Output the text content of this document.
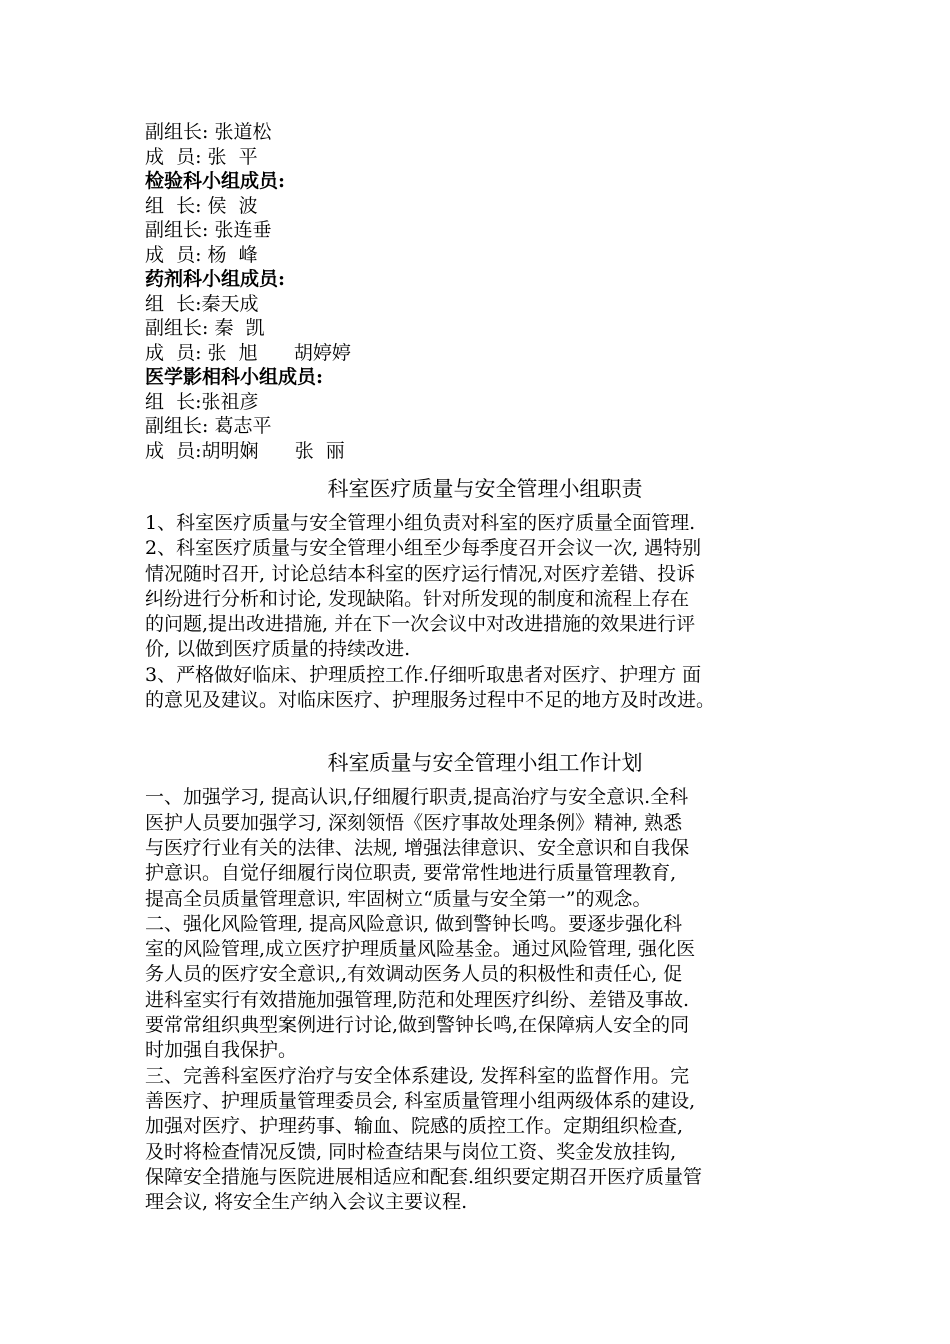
副组长: 张道松
成  员: 张  平
检验科小组成员:
组  长: 侯  波
副组长: 张连垂
成  员: 杨  峰
药剂科小组成员:
组  长:秦天成
副组长: 秦  凯
成  员: 张  旭      胡婷婷
医学影相科小组成员:
组  长:张祖彦
副组长: 葛志平
成  员:胡明娴      张  丽
科室医疗质量与安全管理小组职责
1、科室医疗质量与安全管理小组负责对科室的医疗质量全面管理.
2、科室医疗质量与安全管理小组至少每季度召开会议一次, 遇特别
情况随时召开, 讨论总结本科室的医疗运行情况,对医疗差错、投诉
纠纷进行分析和讨论, 发现缺陷。针对所发现的制度和流程上存在
的问题,提出改进措施, 并在下一次会议中对改进措施的效果进行评
价, 以做到医疗质量的持续改进.
3、严格做好临床、护理质控工作.仔细听取患者对医疗、护理方 面
的意见及建议。对临床医疗、护理服务过程中不足的地方及时改进。
科室质量与安全管理小组工作计划
一、加强学习, 提高认识,仔细履行职责,提高治疗与安全意识.全科
医护人员要加强学习, 深刻领悟《医疗事故处理条例》精神, 熟悉
与医疗行业有关的法律、法规, 增强法律意识、安全意识和自我保
护意识。自觉仔细履行岗位职责, 要常常性地进行质量管理教育,
提高全员质量管理意识, 牢固树立“质量与安全第一”的观念。
二、强化风险管理, 提高风险意识, 做到警钟长鸣。要逐步强化科
室的风险管理,成立医疗护理质量风险基金。通过风险管理, 强化医
务人员的医疗安全意识,,有效调动医务人员的积极性和责任心, 促
进科室实行有效措施加强管理,防范和处理医疗纠纷、差错及事故.
要常常组织典型案例进行讨论,做到警钟长鸣,在保障病人安全的同
时加强自我保护。
三、完善科室医疗治疗与安全体系建设, 发挥科室的监督作用。完
善医疗、护理质量管理委员会, 科室质量管理小组两级体系的建设,
加强对医疗、护理药事、输血、院感的质控工作。定期组织检查,
及时将检查情况反馈, 同时检查结果与岗位工资、奖金发放挂钩,
保障安全措施与医院进展相适应和配套.组织要定期召开医疗质量管
理会议, 将安全生产纳入会议主要议程.
